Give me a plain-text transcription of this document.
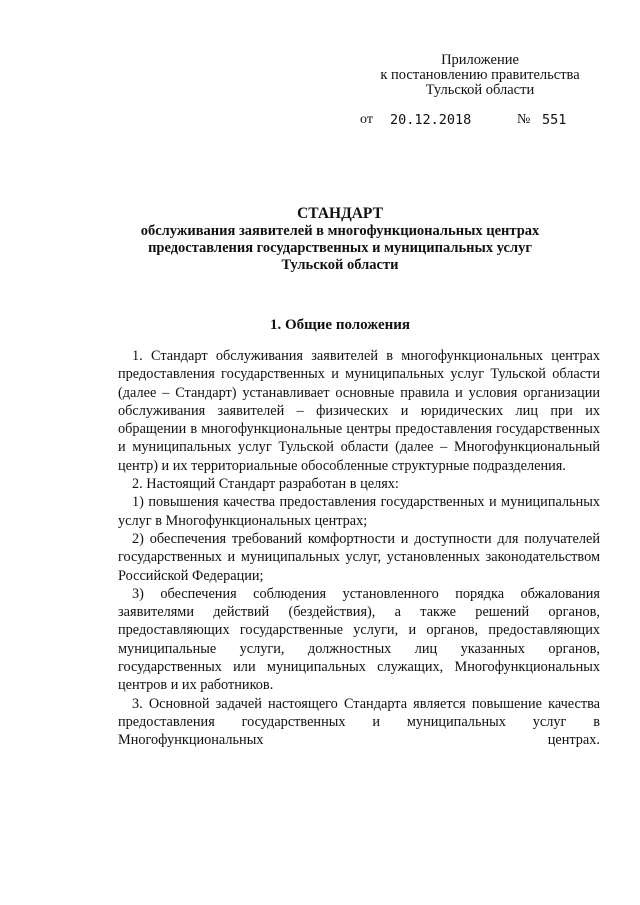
Приложение
к постановлению правительства
Тульской области
от 20.12.2018	№ 551
СТАНДАРТ
обслуживания заявителей в многофункциональных центрах
предоставления государственных и муниципальных услуг
Тульской области
1. Общие положения

1. Стандарт обслуживания заявителей в многофункциональных центрах предоставления государственных и муниципальных услуг Тульской области (далее – Стандарт) устанавливает основные правила и условия организации обслуживания заявителей – физических и юридических лиц при их обращении в многофункциональные центры предоставления государственных и муниципальных услуг Тульской области (далее – Многофункциональный центр) и их территориальные обособленные структурные подразделения.

2. Настоящий Стандарт разработан в целях:

1) повышения качества предоставления государственных и муниципальных услуг в Многофункциональных центрах;

2) обеспечения требований комфортности и доступности для получателей государственных и муниципальных услуг, установленных законодательством Российской Федерации;

3) обеспечения соблюдения установленного порядка обжалования заявителями действий (бездействия), а также решений органов, предоставляющих государственные услуги, и органов, предоставляющих муниципальные услуги, должностных лиц указанных органов, государственных или муниципальных служащих, Многофункциональных центров и их работников.

3. Основной задачей настоящего Стандарта является повышение качества предоставления государственных и муниципальных услуг в Многофункциональных центрах.
